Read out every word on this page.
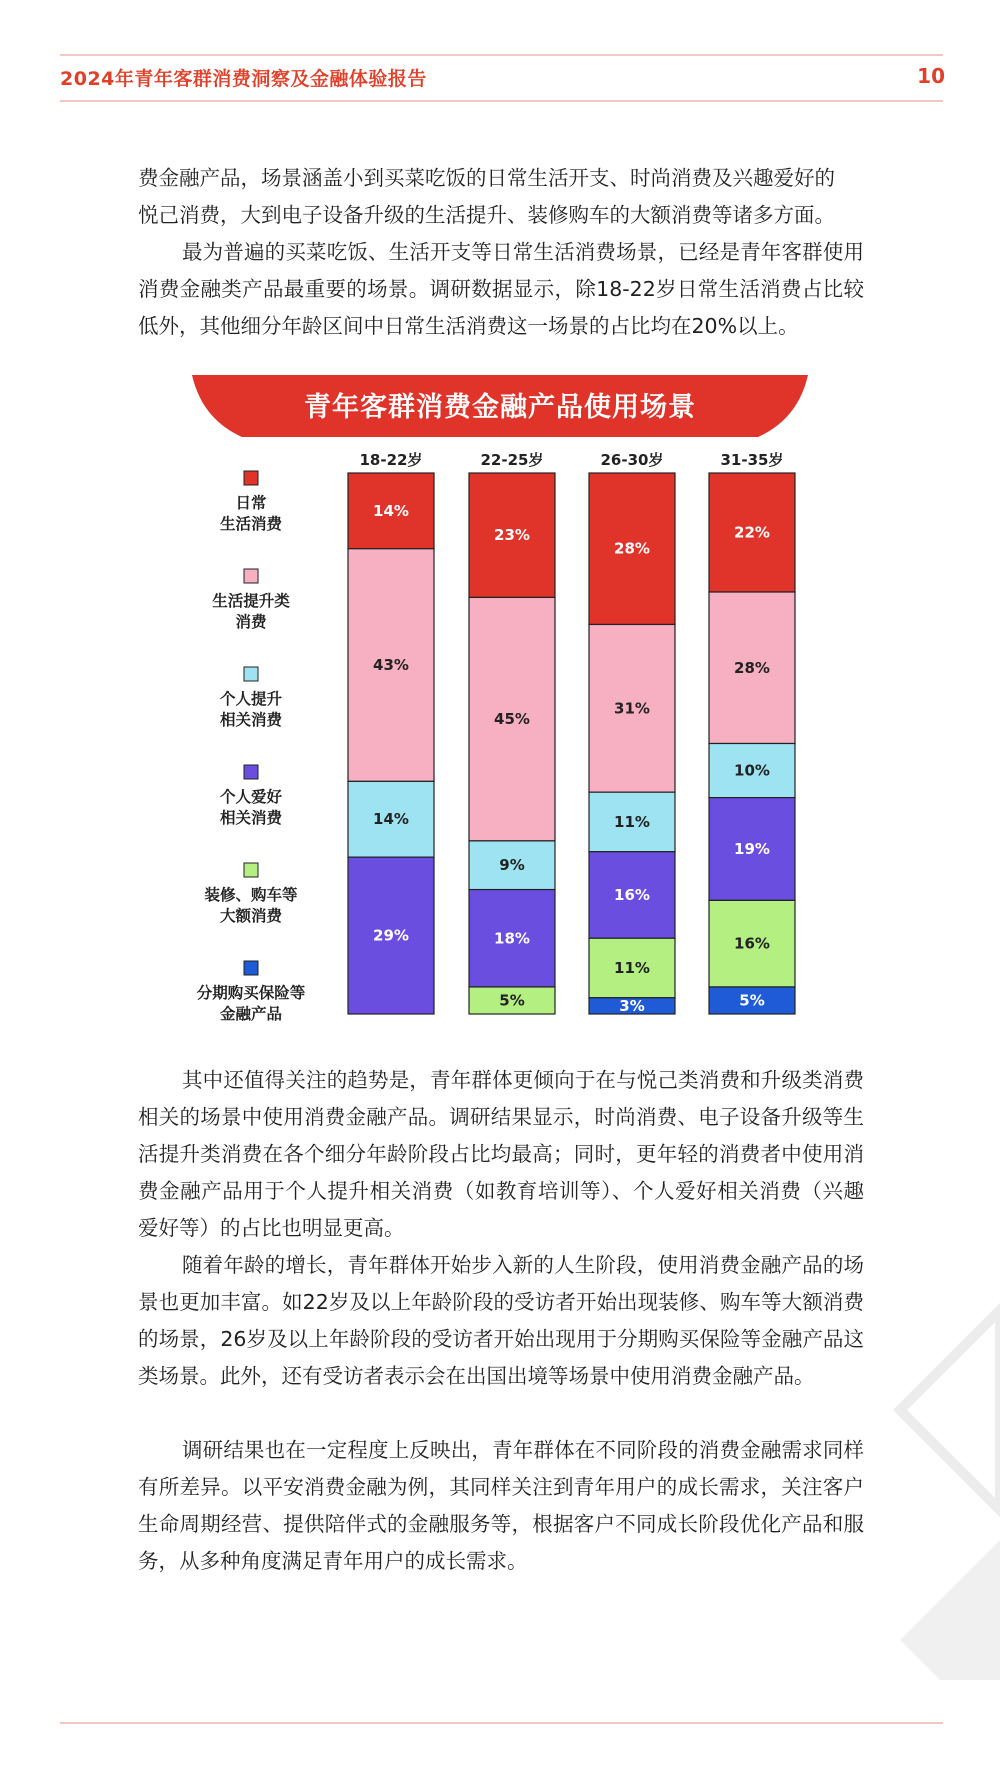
2024年青年客群消费洞察及金融体验报告	10

费金融产品，场景涵盖小到买菜吃饭的日常生活开支、时尚消费及兴趣爱好的

悦己消费，大到电子设备升级的生活提升、装修购车的大额消费等诸多方面。

最为普遍的买菜吃饭、生活开支等日常生活消费场景，已经是青年客群使用消费金融类产品最重要的场景。调研数据显示，除18-22岁日常生活消费占比较低外，其他细分年龄区间中日常生活消费这一场景的占比均在20%以上。

青年客群消费金融产品使用场景
18-22岁
14%
43%
14%
29%
22-25岁
23%
45%
9%
18%
5%
26-30岁
28%
31%
11%
16%
11%
3%
31-35岁
22%
28%
10%
19%
16%
5%
日常
生活消费
生活提升类
消费
个人提升
相关消费
个人爱好
相关消费
装修、购车等
大额消费
分期购买保险等
金融产品

其中还值得关注的趋势是，青年群体更倾向于在与悦己类消费和升级类消费相关的场景中使用消费金融产品。调研结果显示，时尚消费、电子设备升级等生活提升类消费在各个细分年龄阶段占比均最高；同时，更年轻的消费者中使用消费金融产品用于个人提升相关消费（如教育培训等）、个人爱好相关消费（兴趣爱好等）的占比也明显更高。

随着年龄的增长，青年群体开始步入新的人生阶段，使用消费金融产品的场景也更加丰富。如22岁及以上年龄阶段的受访者开始出现装修、购车等大额消费的场景，26岁及以上年龄阶段的受访者开始出现用于分期购买保险等金融产品这类场景。此外，还有受访者表示会在出国出境等场景中使用消费金融产品。

调研结果也在一定程度上反映出，青年群体在不同阶段的消费金融需求同样有所差异。以平安消费金融为例，其同样关注到青年用户的成长需求，关注客户生命周期经营、提供陪伴式的金融服务等，根据客户不同成长阶段优化产品和服务，从多种角度满足青年用户的成长需求。
